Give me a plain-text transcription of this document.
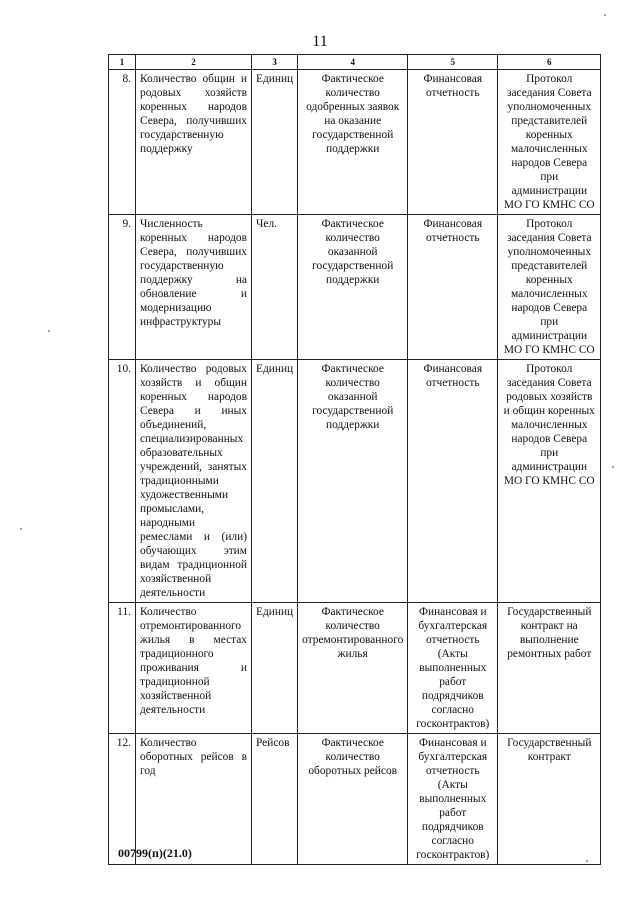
11
1	2	3	4	5	6
8.	Количество общин и родовых хозяйств коренных народов Севера, получивших государственную поддержку	Единиц	Фактическое количество одобренных заявок на оказание государственной поддержки	Финансовая отчетность	Протокол заседания Совета уполномоченных представителей коренных малочисленных народов Севера при администрации МО ГО КМНС СО
9.	Численность коренных народов Севера, получивших государственную поддержку на обновление и модернизацию инфраструктуры	Чел.	Фактическое количество оказанной государственной поддержки	Финансовая отчетность	Протокол заседания Совета уполномоченных представителей коренных малочисленных народов Севера при администрации МО ГО КМНС СО
10.	Количество родовых хозяйств и общин коренных народов Севера и иных объединений, специализированных образовательных учреждений, занятых традиционными художественными промыслами, народными ремеслами и (или) обучающих этим видам традиционной хозяйственной деятельности	Единиц	Фактическое количество оказанной государственной поддержки	Финансовая отчетность	Протокол заседания Совета родовых хозяйств и общин коренных малочисленных народов Севера при администрации МО ГО КМНС СО
11.	Количество отремонтированного жилья в местах традиционного проживания и традиционной хозяйственной деятельности	Единиц	Фактическое количество отремонтированного жилья	Финансовая и бухгалтерская отчетность (Акты выполненных работ подрядчиков согласно госконтрактов)	Государственный контракт на выполнение ремонтных работ
12.	Количество оборотных рейсов в год	Рейсов	Фактическое количество оборотных рейсов	Финансовая и бухгалтерская отчетность (Акты выполненных работ подрядчиков согласно госконтрактов)	Государственный контракт
00799(п)(21.0)
